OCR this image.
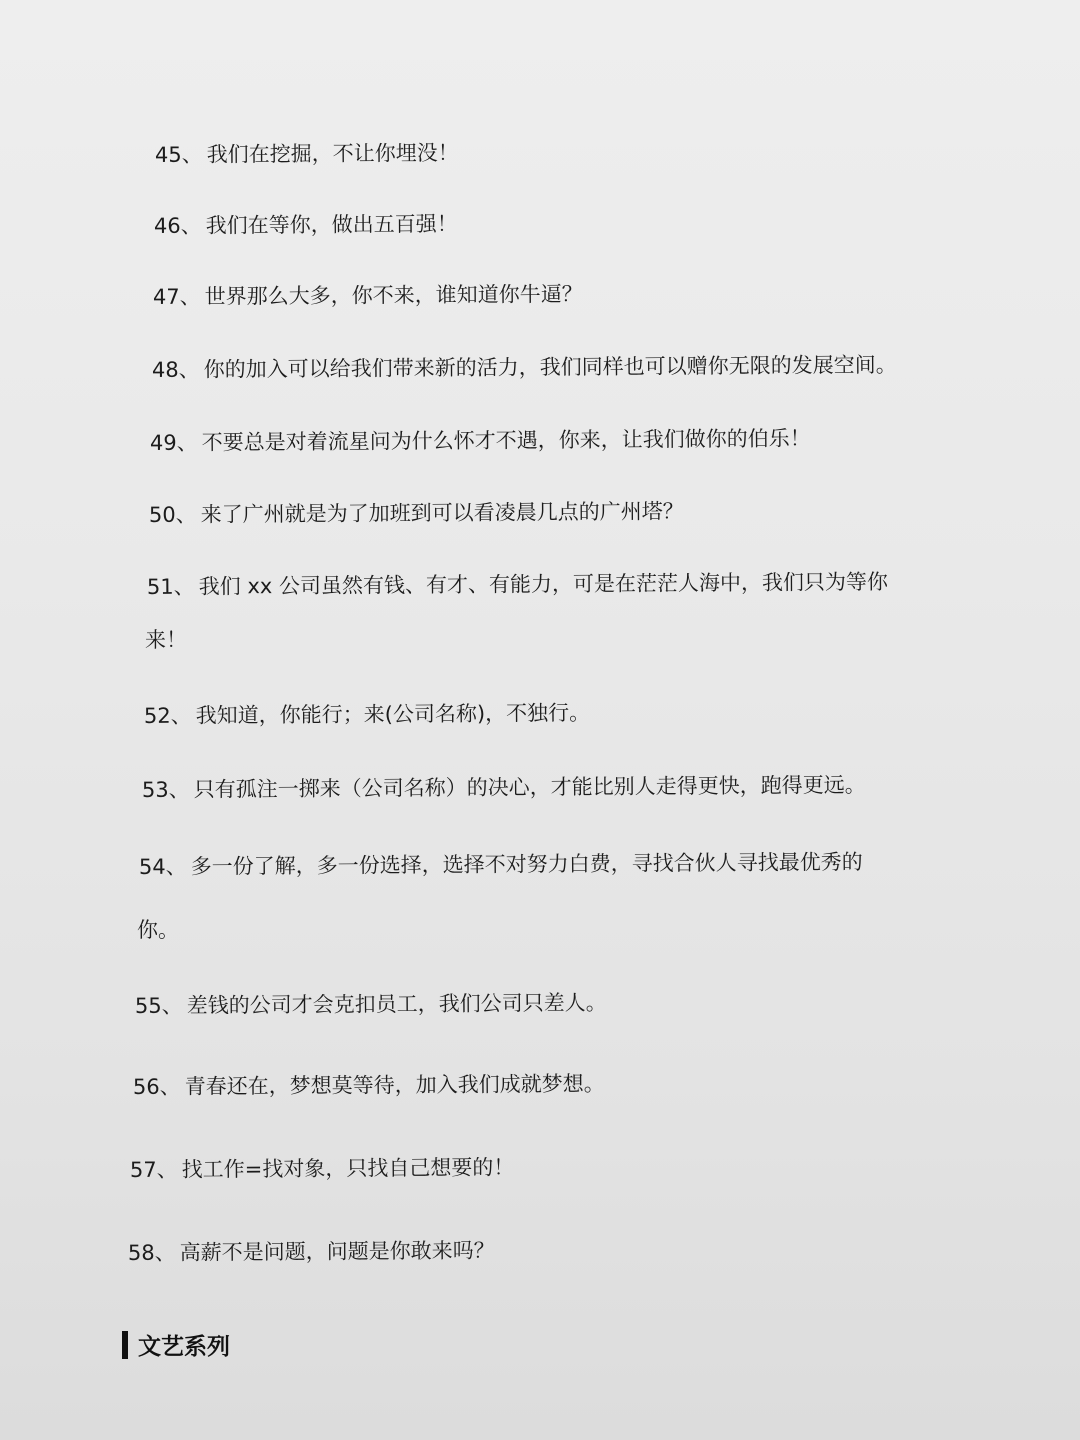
45、 我们在挖掘，不让你埋没！
46、 我们在等你，做出五百强！
47、 世界那么大多，你不来，谁知道你牛逼？
48、 你的加入可以给我们带来新的活力，我们同样也可以赠你无限的发展空间。
49、 不要总是对着流星问为什么怀才不遇，你来，让我们做你的伯乐！
50、 来了广州就是为了加班到可以看凌晨几点的广州塔？
51、 我们 xx 公司虽然有钱、有才、有能力，可是在茫茫人海中，我们只为等你
来！
52、 我知道，你能行；来(公司名称)，不独行。
53、 只有孤注一掷来（公司名称）的决心，才能比别人走得更快，跑得更远。
54、 多一份了解，多一份选择，选择不对努力白费，寻找合伙人寻找最优秀的
你。
55、 差钱的公司才会克扣员工，我们公司只差人。
56、 青春还在，梦想莫等待，加入我们成就梦想。
57、 找工作=找对象，只找自己想要的！
58、 高薪不是问题，问题是你敢来吗？
文艺系列
